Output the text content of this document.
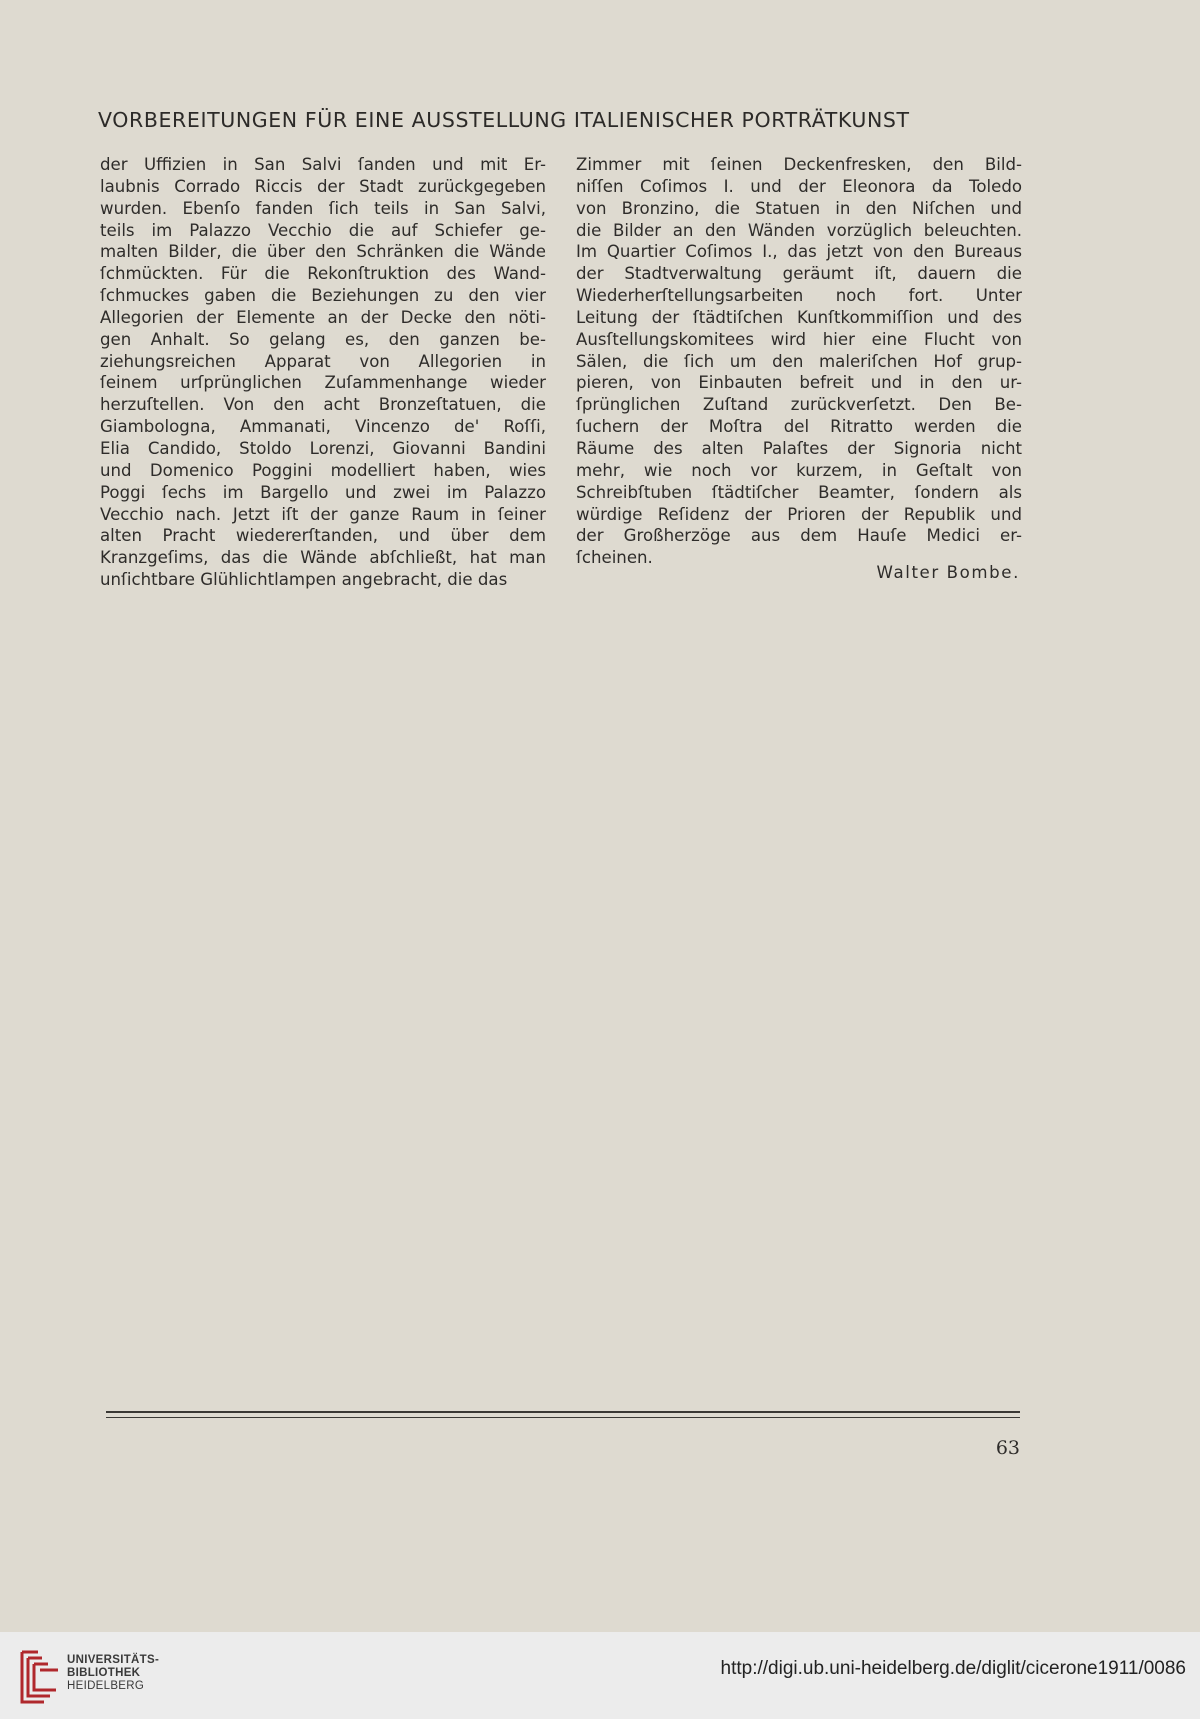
VORBEREITUNGEN FÜR EINE AUSSTELLUNG ITALIENISCHER PORTRÄTKUNST
der Uffizien in San Salvi ſanden und mit Er-
laubnis Corrado Riccis der Stadt zurückgegeben
wurden. Ebenſo fanden ſich teils in San Salvi,
teils im Palazzo Vecchio die auf Schiefer ge-
malten Bilder, die über den Schränken die Wände
ſchmückten. Für die Rekonſtruktion des Wand-
ſchmuckes gaben die Beziehungen zu den vier
Allegorien der Elemente an der Decke den nöti-
gen Anhalt. So gelang es, den ganzen be-
ziehungsreichen Apparat von Allegorien in
ſeinem urſprünglichen Zuſammenhange wieder
herzuſtellen. Von den acht Bronzeſtatuen, die
Giambologna, Ammanati, Vincenzo de' Roſſi,
Elia Candido, Stoldo Lorenzi, Giovanni Bandini
und Domenico Poggini modelliert haben, wies
Poggi ſechs im Bargello und zwei im Palazzo
Vecchio nach. Jetzt iſt der ganze Raum in ſeiner
alten Pracht wiedererſtanden, und über dem
Kranzgeſims, das die Wände abſchließt, hat man
unſichtbare Glühlichtlampen angebracht, die das
Zimmer mit ſeinen Deckenfresken, den Bild-
niſſen Coſimos I. und der Eleonora da Toledo
von Bronzino, die Statuen in den Niſchen und
die Bilder an den Wänden vorzüglich beleuchten.
Im Quartier Coſimos I., das jetzt von den Bureaus
der Stadtverwaltung geräumt iſt, dauern die
Wiederherſtellungsarbeiten noch fort. Unter
Leitung der ſtädtiſchen Kunſtkommiſſion und des
Ausſtellungskomitees wird hier eine Flucht von
Sälen, die ſich um den maleriſchen Hof grup-
pieren, von Einbauten befreit und in den ur-
ſprünglichen Zuſtand zurückverſetzt. Den Be-
ſuchern der Moſtra del Ritratto werden die
Räume des alten Palaſtes der Signoria nicht
mehr, wie noch vor kurzem, in Geſtalt von
Schreibſtuben ſtädtiſcher Beamter, ſondern als
würdige Reſidenz der Prioren der Republik und
der Großherzöge aus dem Hauſe Medici er-
ſcheinen.
Walter Bombe.
63
UNIVERSITÄTS-
BIBLIOTHEK
HEIDELBERG
http://digi.ub.uni-heidelberg.de/diglit/cicerone1911/0086
